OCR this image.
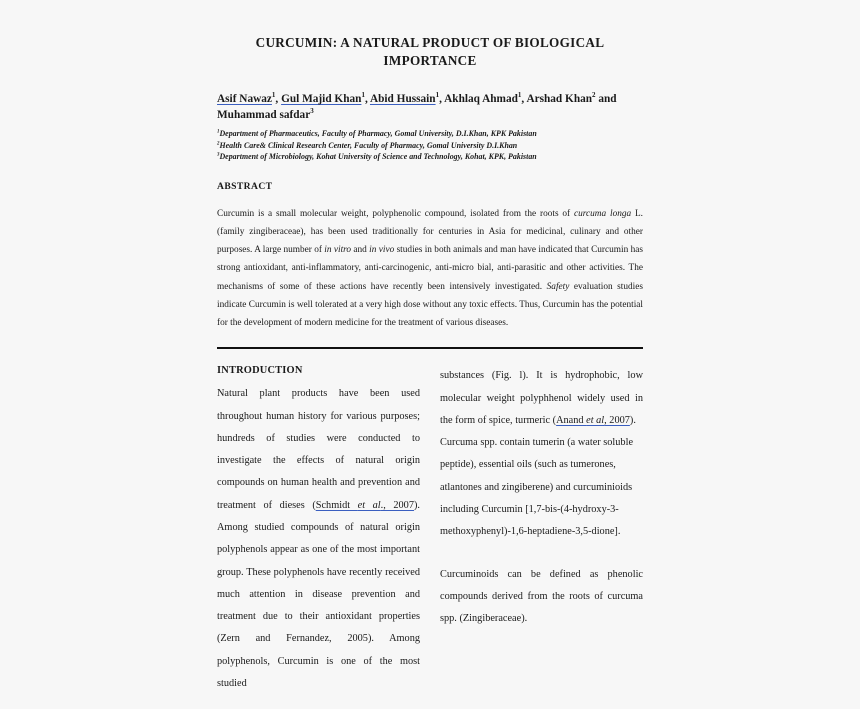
CURCUMIN: A NATURAL PRODUCT OF BIOLOGICAL IMPORTANCE
Asif Nawaz$^1$, Gul Majid Khan$^1$, Abid Hussain$^1$, Akhlaq Ahmad$^1$, Arshad Khan$^2$ and Muhammad safdar$^3$
$^1$Department of Pharmaceutics, Faculty of Pharmacy, Gomal University, D.I.Khan, KPK Pakistan
$^2$Health Care& Clinical Research Center, Faculty of Pharmacy, Gomal University D.I.Khan
$^3$Department of Microbiology, Kohat University of Science and Technology, Kohat, KPK, Pakistan
ABSTRACT

Curcumin is a small molecular weight, polyphenolic compound, isolated from the roots of curcuma longa L. (family zingiberaceae), has been used traditionally for centuries in Asia for medicinal, culinary and other purposes. A large number of in vitro and in vivo studies in both animals and man have indicated that Curcumin has strong antioxidant, anti-inflammatory, anti-carcinogenic, anti-micro bial, anti-parasitic and other activities. The mechanisms of some of these actions have recently been intensively investigated. Safety evaluation studies indicate Curcumin is well tolerated at a very high dose without any toxic effects. Thus, Curcumin has the potential for the development of modern medicine for the treatment of various diseases.

INTRODUCTION

Natural plant products have been used throughout human history for various purposes; hundreds of studies were conducted to investigate the effects of natural origin compounds on human health and prevention and treatment of dieses (Schmidt et al., 2007). Among studied compounds of natural origin polyphenols appear as one of the most important group. These polyphenols have recently received much attention in disease prevention and treatment due to their antioxidant properties (Zern and Fernandez, 2005). Among polyphenols, Curcumin is one of the most studied

substances (Fig. l). It is hydrophobic, low molecular weight polyphhenol widely used in the form of spice, turmeric (Anand et al, 2007).

Curcuma spp. contain tumerin (a water soluble peptide), essential oils (such as tumerones, atlantones and zingiberene) and curcuminioids including Curcumin [1,7-bis-(4-hydroxy-3-methoxyphenyl)-1,6-heptadiene-3,5-dione].

Curcuminoids can be defined as phenolic compounds derived from the roots of curcuma spp. (Zingiberaceae).
